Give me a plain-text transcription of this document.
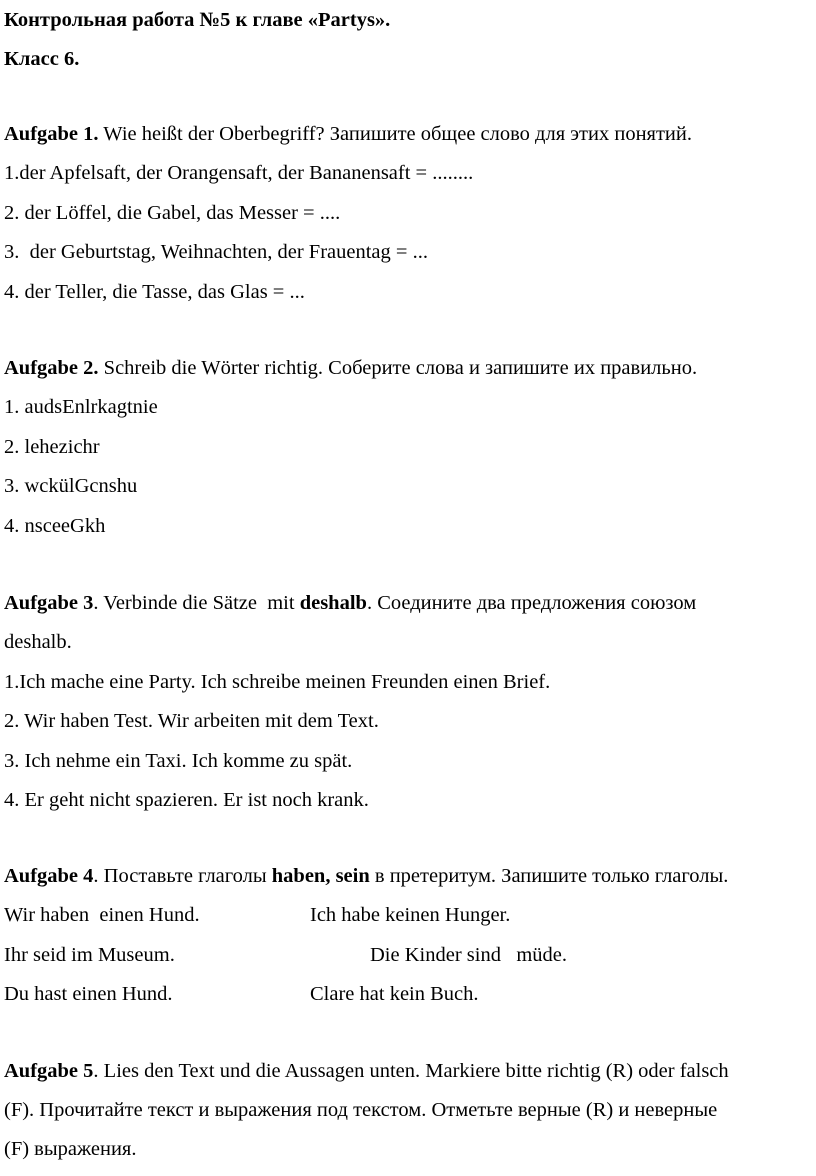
Контрольная работа №5 к главе «Partys».
Класс 6.
Aufgabe 1. Wie heißt der Oberbegriff? Запишите общее слово для этих понятий.
1.der Apfelsaft, der Orangensaft, der Bananensaft = ........
2. der Löffel, die Gabel, das Messer = ....
3.  der Geburtstag, Weihnachten, der Frauentag = ...
4. der Teller, die Tasse, das Glas = ...
Aufgabe 2. Schreib die Wörter richtig. Соберите слова и запишите их правильно.
1. audsEnlrkagtnie
2. lehezichr
3. wckülGcnshu
4. nsceeGkh
Aufgabe 3. Verbinde die Sätze  mit deshalb. Соедините два предложения союзом
deshalb.
1.Ich mache eine Party. Ich schreibe meinen Freunden einen Brief.
2. Wir haben Test. Wir arbeiten mit dem Text.
3. Ich nehme ein Taxi. Ich komme zu spät.
4. Er geht nicht spazieren. Er ist noch krank.
Aufgabe 4. Поставьте глаголы haben, sein в претеритум. Запишите только глаголы.
Wir haben  einen Hund.	Ich habe keinen Hunger.
Ihr seid im Museum.	Die Kinder sind   müde.
Du hast einen Hund.	Clare hat kein Buch.
Aufgabe 5. Lies den Text und die Aussagen unten. Markiere bitte richtig (R) oder falsch
(F). Прочитайте текст и выражения под текстом. Отметьте верные (R) и неверные
(F) выражения.
